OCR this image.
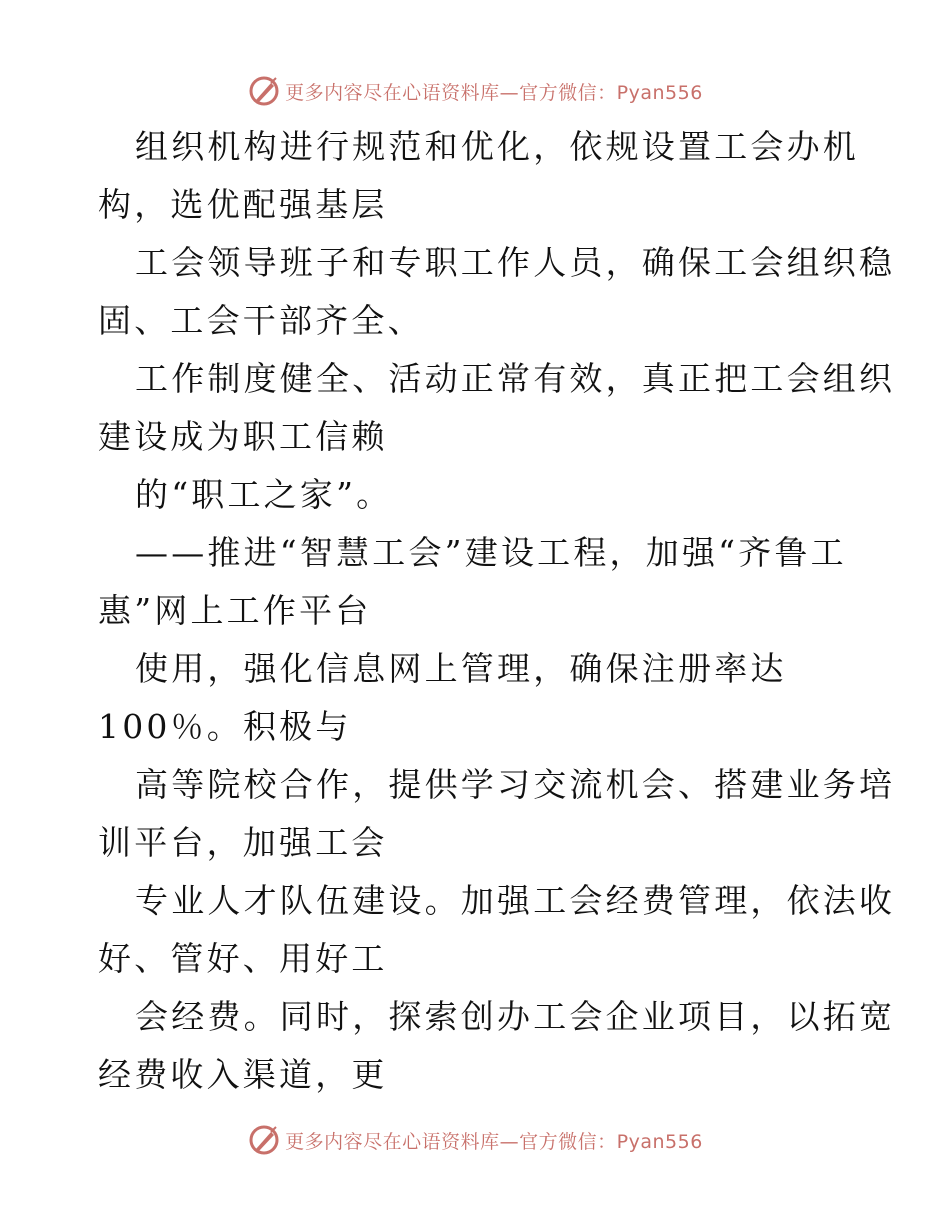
更多内容尽在心语资料库—官方微信：Pyan556
组织机构进行规范和优化，依规设置工会办机
构，选优配强基层
工会领导班子和专职工作人员，确保工会组织稳
固、工会干部齐全、
工作制度健全、活动正常有效，真正把工会组织
建设成为职工信赖
的“职工之家”。
——推进“智慧工会”建设工程，加强“齐鲁工
惠”网上工作平台
使用，强化信息网上管理，确保注册率达
100％。积极与
高等院校合作，提供学习交流机会、搭建业务培
训平台，加强工会
专业人才队伍建设。加强工会经费管理，依法收
好、管好、用好工
会经费。同时，探索创办工会企业项目，以拓宽
经费收入渠道，更
更多内容尽在心语资料库—官方微信：Pyan556
